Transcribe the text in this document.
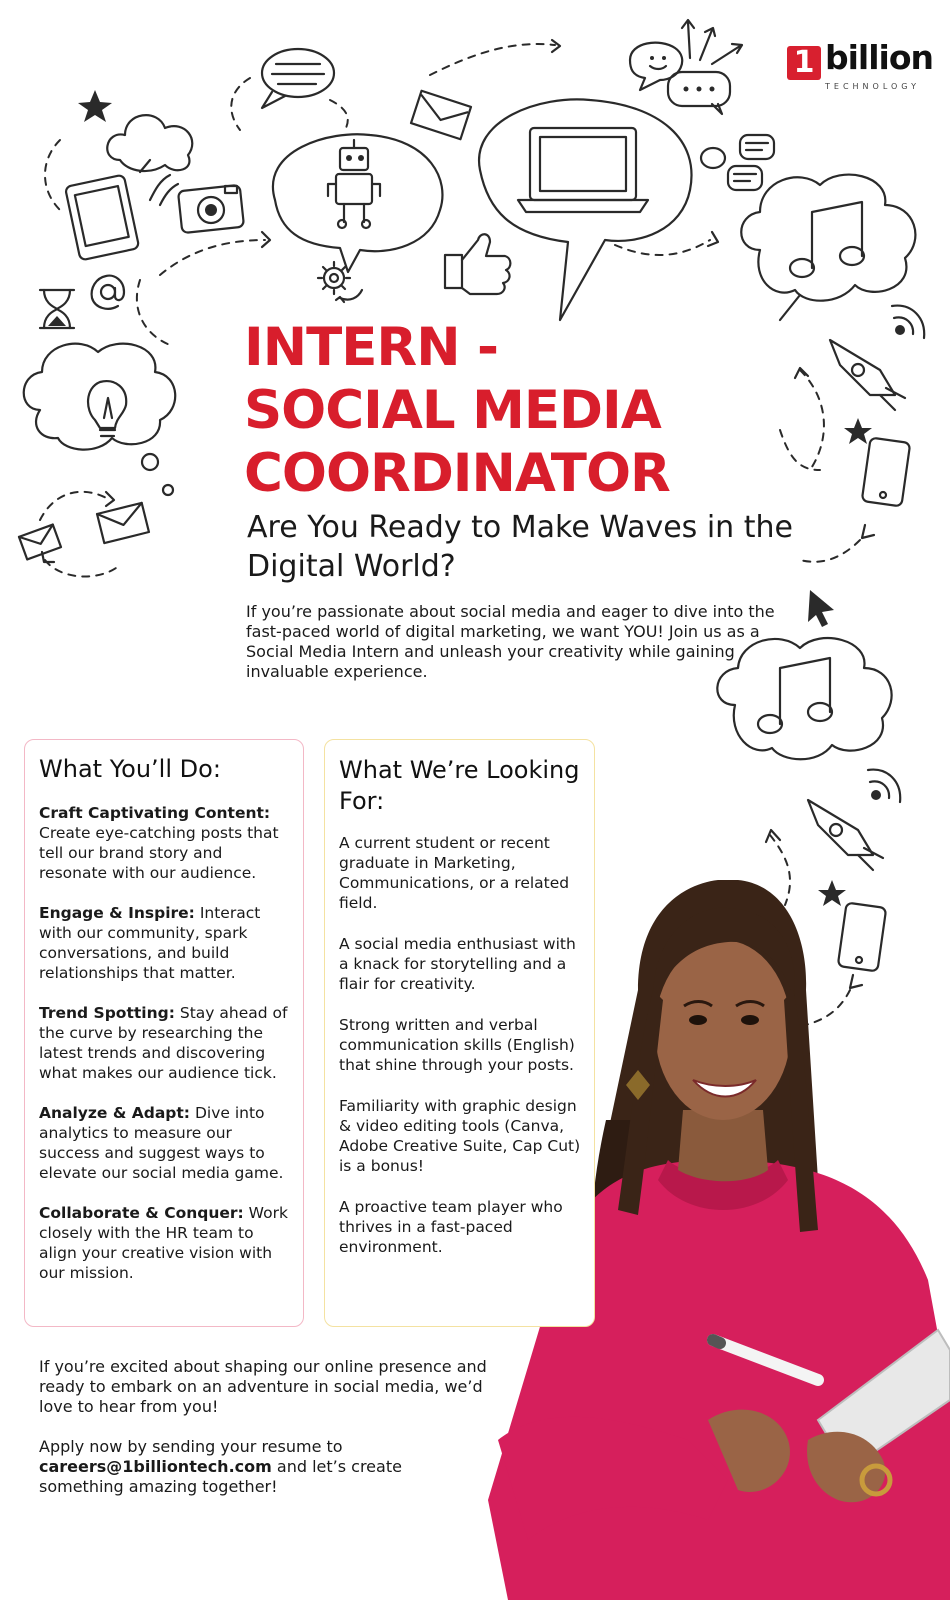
1 billion
TECHNOLOGY
INTERN -
SOCIAL MEDIA
COORDINATOR
Are You Ready to Make Waves in the Digital World?

If you’re passionate about social media and eager to dive into the fast-paced world of digital marketing, we want YOU! Join us as a Social Media Intern and unleash your creativity while gaining invaluable experience.

What You’ll Do:

Craft Captivating Content: Create eye-catching posts that tell our brand story and resonate with our audience.

Engage & Inspire: Interact with our community, spark conversations, and build relationships that matter.

Trend Spotting: Stay ahead of the curve by researching the latest trends and discovering what makes our audience tick.

Analyze & Adapt: Dive into analytics to measure our success and suggest ways to elevate our social media game.

Collaborate & Conquer: Work closely with the HR team to align your creative vision with our mission.

What We’re Looking For:

A current student or recent graduate in Marketing, Communications, or a related field.

A social media enthusiast with a knack for storytelling and a flair for creativity.

Strong written and verbal communication skills (English) that shine through your posts.

Familiarity with graphic design & video editing tools (Canva, Adobe Creative Suite, Cap Cut) is a bonus!

A proactive team player who thrives in a fast-paced environment.

If you’re excited about shaping our online presence and ready to embark on an adventure in social media, we’d love to hear from you!

Apply now by sending your resume to careers@1billiontech.com and let’s create something amazing together!
